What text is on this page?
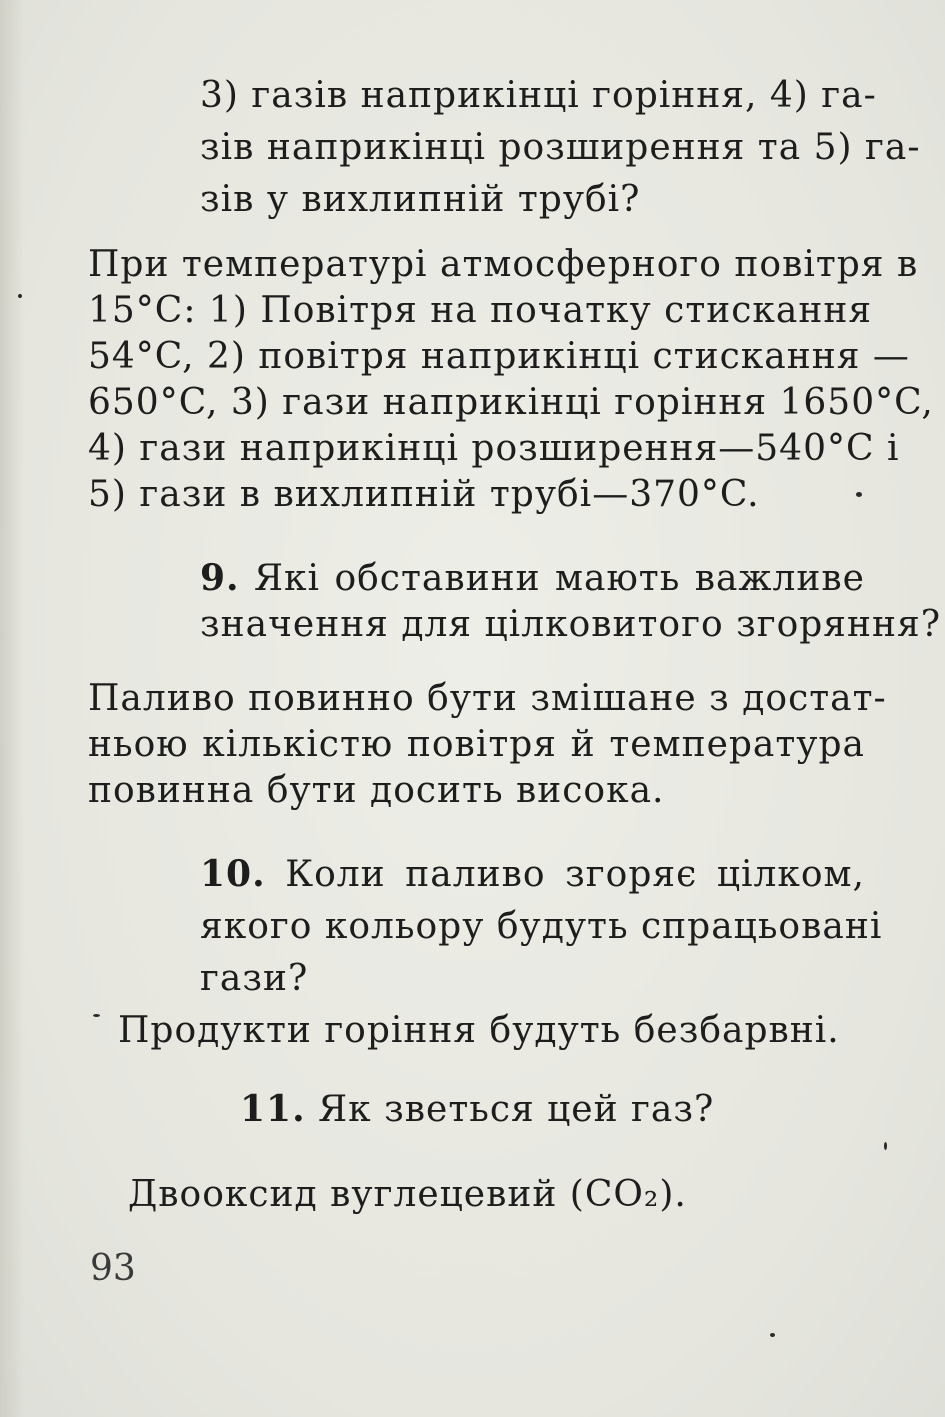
3) газів наприкінці горіння, 4) га-
зів наприкінці розширення та 5) га-
зів у вихлипній трубі?
При температурі атмосферного повітря в
15°C: 1) Повітря на початку стискання
54°C, 2) повітря наприкінці стискання —
650°C, 3) гази наприкінці горіння 1650°C,
4) гази наприкінці розширення—540°C і
5) гази в вихлипній трубі—370°C.
9. Які обставини мають важливе
значення для цілковитого згоряння?
Паливо повинно бути змішане з достат-
ньою кількістю повітря й температура
повинна бути досить висока.
10. Коли паливо згоряє цілком,
якого кольору будуть спрацьовані
гази?
Продукти горіння будуть безбарвні.
11. Як зветься цей газ?
Двооксид вуглецевий (CO₂).
93
